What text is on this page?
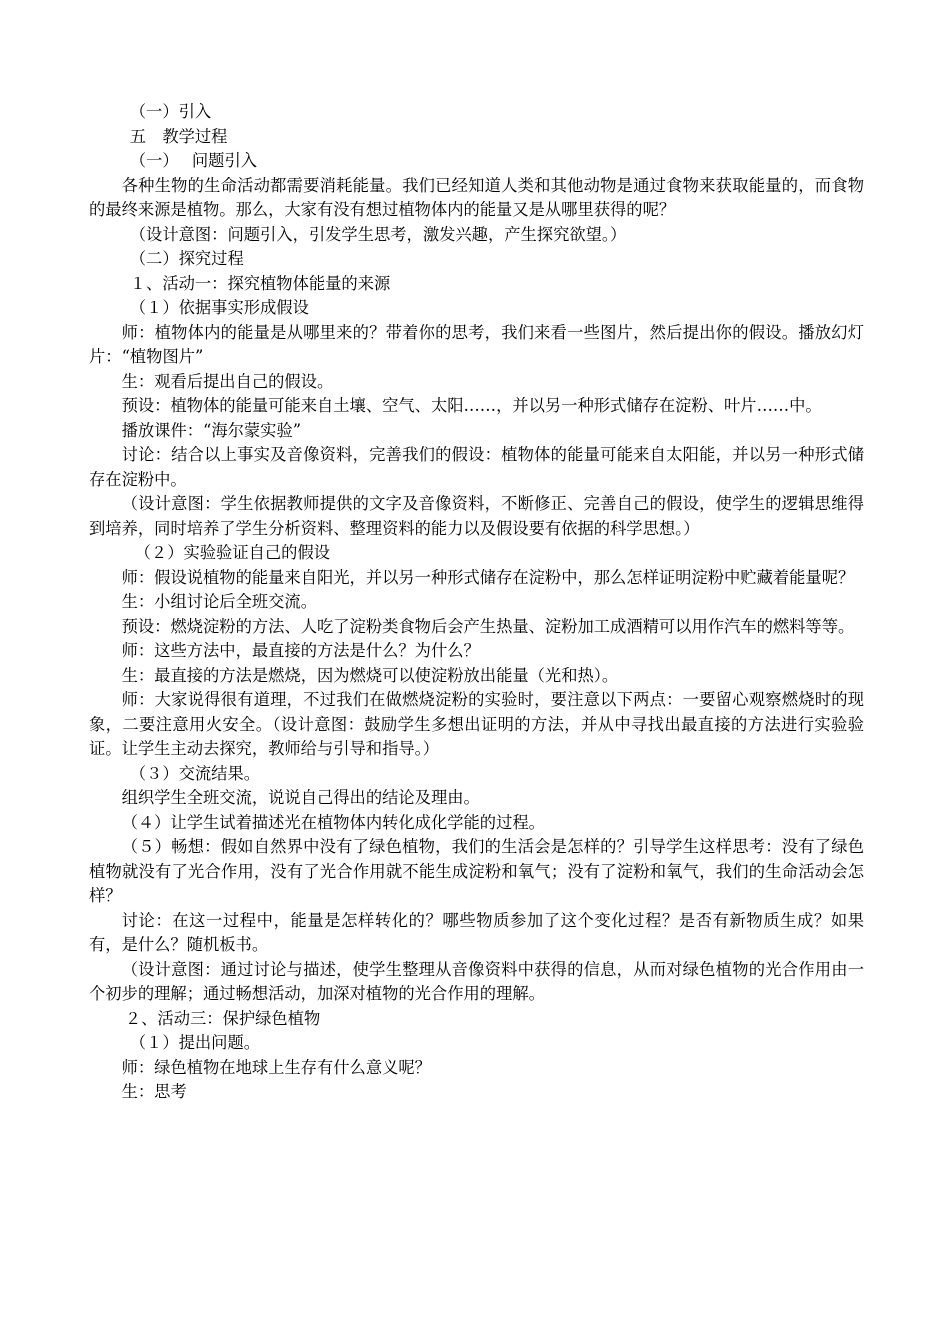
（一）引入

五　教学过程

（一）　 问题引入

各种生物的生命活动都需要消耗能量。我们已经知道人类和其他动物是通过食物来获取能量的，而食物的最终来源是植物。那么，大家有没有想过植物体内的能量又是从哪里获得的呢？

（设计意图：问题引入，引发学生思考，激发兴趣，产生探究欲望。）

（二）探究过程

１、活动一：探究植物体能量的来源

（１）依据事实形成假设

师：植物体内的能量是从哪里来的？带着你的思考，我们来看一些图片，然后提出你的假设。播放幻灯片：“植物图片”

生：观看后提出自己的假设。

预设：植物体的能量可能来自土壤、空气、太阳……，并以另一种形式储存在淀粉、叶片……中。

播放课件：“海尔蒙实验”

讨论：结合以上事实及音像资料，完善我们的假设：植物体的能量可能来自太阳能，并以另一种形式储存在淀粉中。

（设计意图：学生依据教师提供的文字及音像资料，不断修正、完善自己的假设，使学生的逻辑思维得到培养，同时培养了学生分析资料、整理资料的能力以及假设要有依据的科学思想。）

（２）实验验证自己的假设

师：假设说植物的能量来自阳光，并以另一种形式储存在淀粉中，那么怎样证明淀粉中贮藏着能量呢？

生：小组讨论后全班交流。

预设：燃烧淀粉的方法、人吃了淀粉类食物后会产生热量、淀粉加工成酒精可以用作汽车的燃料等等。

师：这些方法中，最直接的方法是什么？为什么？

生：最直接的方法是燃烧，因为燃烧可以使淀粉放出能量（光和热）。

师：大家说得很有道理，不过我们在做燃烧淀粉的实验时，要注意以下两点：一要留心观察燃烧时的现象，二要注意用火安全。（设计意图：鼓励学生多想出证明的方法，并从中寻找出最直接的方法进行实验验证。让学生主动去探究，教师给与引导和指导。）

（３）交流结果。

组织学生全班交流，说说自己得出的结论及理由。

（４）让学生试着描述光在植物体内转化成化学能的过程。

（５）畅想：假如自然界中没有了绿色植物，我们的生活会是怎样的？引导学生这样思考：没有了绿色植物就没有了光合作用，没有了光合作用就不能生成淀粉和氧气；没有了淀粉和氧气，我们的生命活动会怎样？

讨论：在这一过程中，能量是怎样转化的？哪些物质参加了这个变化过程？是否有新物质生成？如果有，是什么？随机板书。

（设计意图：通过讨论与描述，使学生整理从音像资料中获得的信息，从而对绿色植物的光合作用由一个初步的理解；通过畅想活动，加深对植物的光合作用的理解。

２、活动三：保护绿色植物

（１）提出问题。

师：绿色植物在地球上生存有什么意义呢？

生：思考
